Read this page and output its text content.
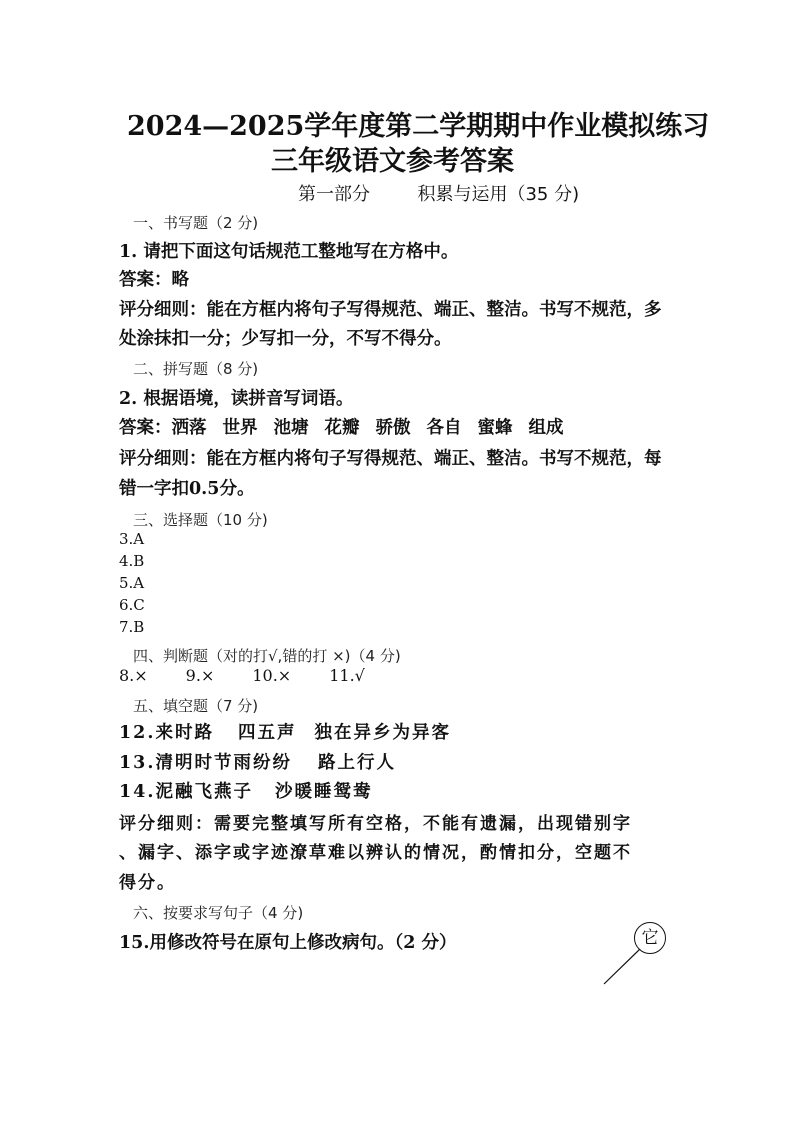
2024—2025学年度第二学期期中作业模拟练习
三年级语文参考答案
第一部分	积累与运用（35 分)
一、书写题（2 分)
1. 请把下面这句话规范工整地写在方格中。
答案：略
评分细则：能在方框内将句子写得规范、端正、整洁。书写不规范，多
处涂抹扣一分；少写扣一分，不写不得分。
二、拼写题（8 分)
2. 根据语境，读拼音写词语。
答案：洒落 世界 池塘 花瓣 骄傲 各自 蜜蜂 组成
评分细则：能在方框内将句子写得规范、端正、整洁。书写不规范，每
错一字扣0.5分。
三、选择题（10 分)
3.A
4.B
5.A
6.C
7.B
四、判断题（对的打√,错的打 ×)（4 分)
8.× 9.× 10.× 11.√
五、填空题（7 分)
12.来时路 四五声 独在异乡为异客
13.清明时节雨纷纷 路上行人
14.泥融飞燕子 沙暖睡鸳鸯
评分细则：需要完整填写所有空格，不能有遗漏，出现错别字
、漏字、添字或字迹潦草难以辨认的情况，酌情扣分，空题不
得分。
六、按要求写句子（4 分)
15.用修改符号在原句上修改病句。（2 分）	它
